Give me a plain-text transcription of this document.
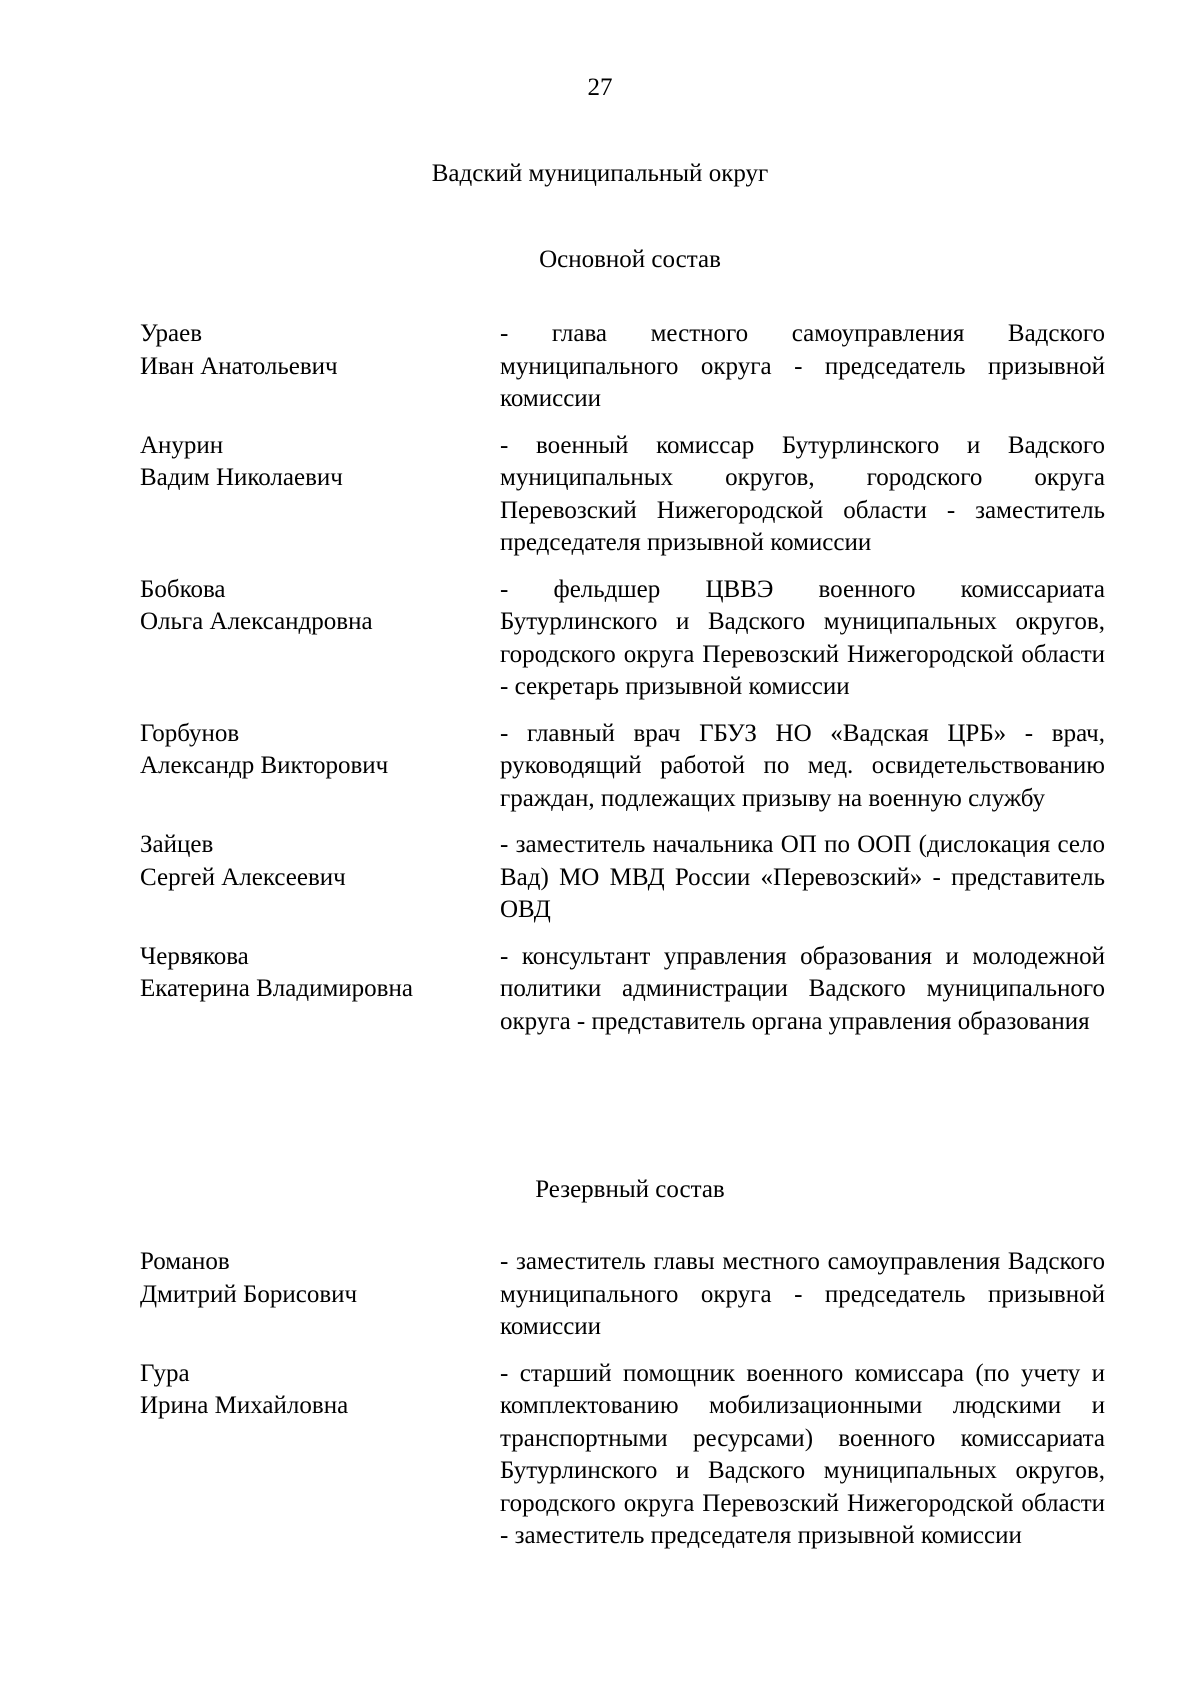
27
Вадский муниципальный округ
Основной состав
Ураев
Иван Анатольевич
- глава местного самоуправления Вадского муниципального округа - председатель призывной комиссии
Анурин
Вадим Николаевич
- военный комиссар Бутурлинского и Вадского муниципальных округов, городского округа Перевозский Нижегородской области - заместитель председателя призывной комиссии
Бобкова
Ольга Александровна
- фельдшер ЦВВЭ военного комиссариата Бутурлинского и Вадского муниципальных округов, городского округа Перевозский Нижегородской области - секретарь призывной комиссии
Горбунов
Александр Викторович
- главный врач ГБУЗ НО «Вадская ЦРБ» - врач, руководящий работой по мед. освидетельствованию граждан, подлежащих призыву на военную службу
Зайцев
Сергей Алексеевич
- заместитель начальника ОП по ООП (дислокация село Вад) МО МВД России «Перевозский» - представитель ОВД
Червякова
Екатерина Владимировна
- консультант управления образования и молодежной политики администрации Вадского муниципального округа - представитель органа управления образования
Резервный состав
Романов
Дмитрий Борисович
- заместитель главы местного самоуправления Вадского муниципального округа - председатель призывной комиссии
Гура
Ирина Михайловна
- старший помощник военного комиссара (по учету и комплектованию мобилизационными людскими и транспортными ресурсами) военного комиссариата Бутурлинского и Вадского муниципальных округов, городского округа Перевозский Нижегородской области - заместитель председателя призывной комиссии
